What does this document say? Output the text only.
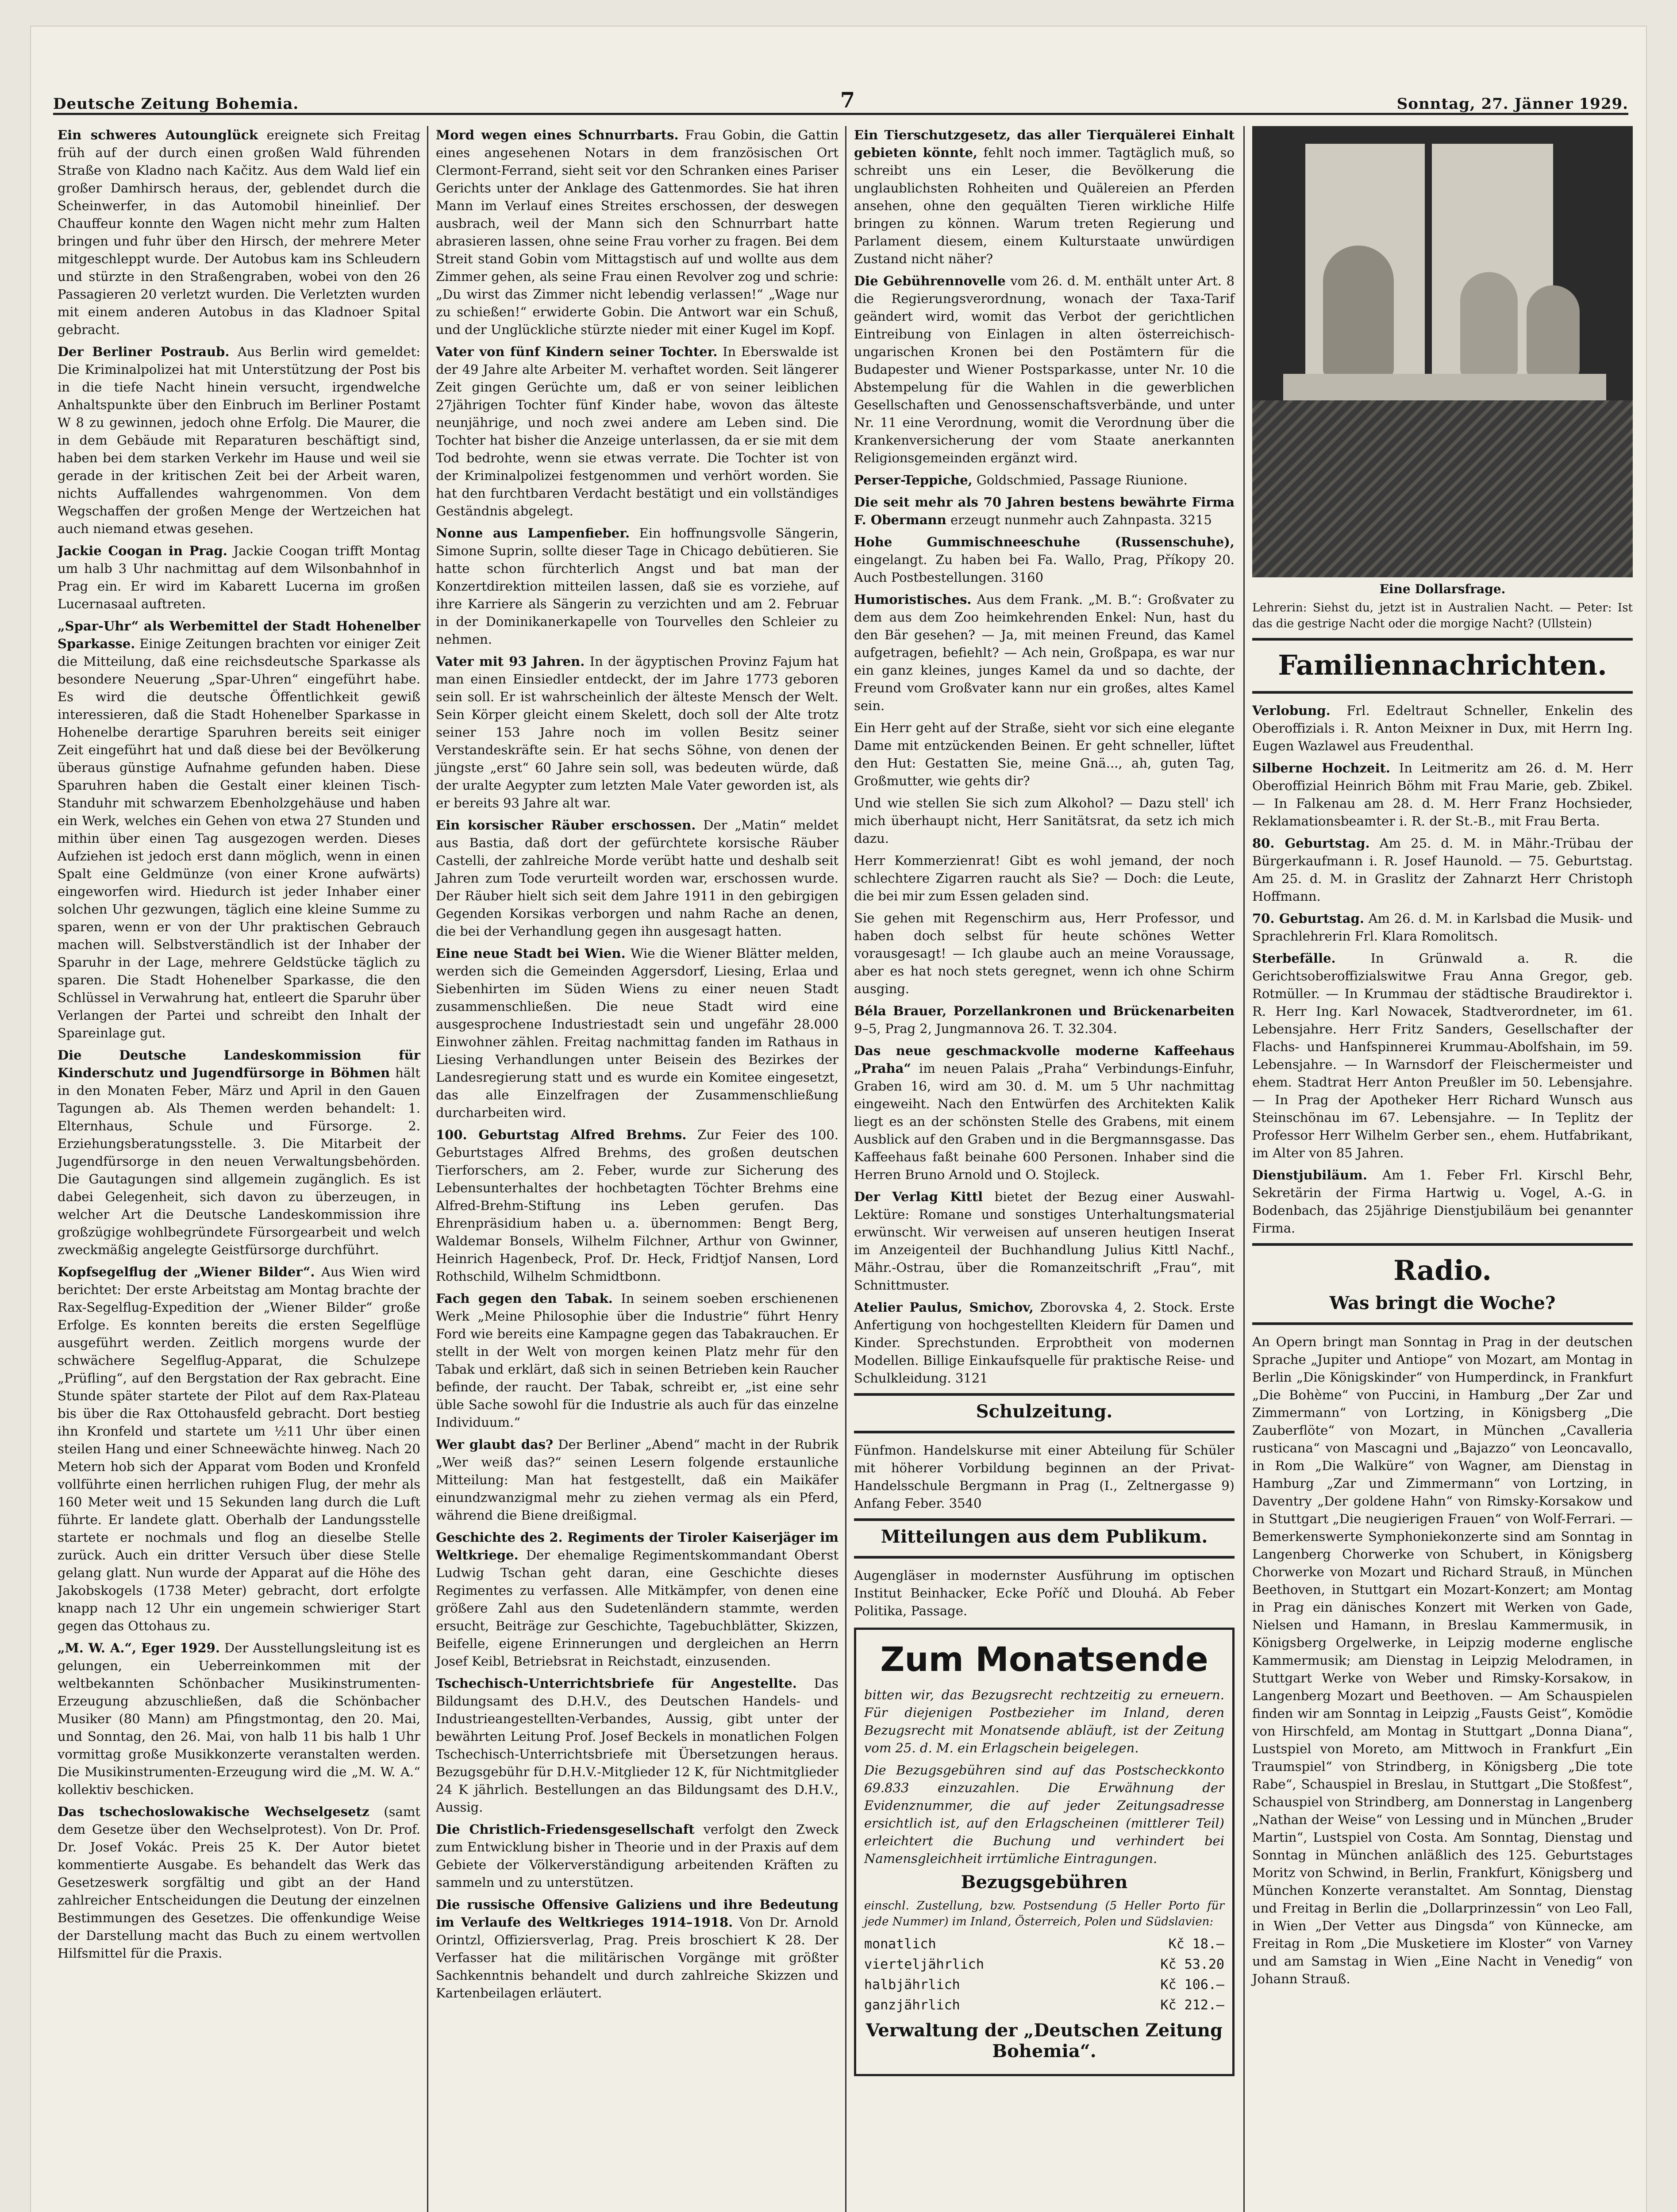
Deutsche Zeitung Bohemia.	7	Sonntag, 27. Jänner 1929.

Ein schweres Autounglück ereignete sich Freitag früh auf der durch einen großen Wald führenden Straße von Kladno nach Kačitz. Aus dem Wald lief ein großer Damhirsch heraus, der, geblendet durch die Scheinwerfer, in das Automobil hineinlief. Der Chauffeur konnte den Wagen nicht mehr zum Halten bringen und fuhr über den Hirsch, der mehrere Meter mitgeschleppt wurde. Der Autobus kam ins Schleudern und stürzte in den Straßengraben, wobei von den 26 Passagieren 20 verletzt wurden. Die Verletzten wurden mit einem anderen Autobus in das Kladnoer Spital gebracht.

Der Berliner Postraub. Aus Berlin wird gemeldet: Die Kriminalpolizei hat mit Unterstützung der Post bis in die tiefe Nacht hinein versucht, irgendwelche Anhaltspunkte über den Einbruch im Berliner Postamt W 8 zu gewinnen, jedoch ohne Erfolg. Die Maurer, die in dem Gebäude mit Reparaturen beschäftigt sind, haben bei dem starken Verkehr im Hause und weil sie gerade in der kritischen Zeit bei der Arbeit waren, nichts Auffallendes wahrgenommen. Von dem Wegschaffen der großen Menge der Wertzeichen hat auch niemand etwas gesehen.

Jackie Coogan in Prag. Jackie Coogan trifft Montag um halb 3 Uhr nachmittag auf dem Wilsonbahnhof in Prag ein. Er wird im Kabarett Lucerna im großen Lucernasaal auftreten.

„Spar-Uhr“ als Werbemittel der Stadt Hohenelber Sparkasse. Einige Zeitungen brachten vor einiger Zeit die Mitteilung, daß eine reichsdeutsche Sparkasse als besondere Neuerung „Spar-Uhren“ eingeführt habe. Es wird die deutsche Öffentlichkeit gewiß interessieren, daß die Stadt Hohenelber Sparkasse in Hohenelbe derartige Sparuhren bereits seit einiger Zeit eingeführt hat und daß diese bei der Bevölkerung überaus günstige Aufnahme gefunden haben. Diese Sparuhren haben die Gestalt einer kleinen Tisch-Standuhr mit schwarzem Ebenholzgehäuse und haben ein Werk, welches ein Gehen von etwa 27 Stunden und mithin über einen Tag ausgezogen werden. Dieses Aufziehen ist jedoch erst dann möglich, wenn in einen Spalt eine Geldmünze (von einer Krone aufwärts) eingeworfen wird. Hiedurch ist jeder Inhaber einer solchen Uhr gezwungen, täglich eine kleine Summe zu sparen, wenn er von der Uhr praktischen Gebrauch machen will. Selbstverständlich ist der Inhaber der Sparuhr in der Lage, mehrere Geldstücke täglich zu sparen. Die Stadt Hohenelber Sparkasse, die den Schlüssel in Verwahrung hat, entleert die Sparuhr über Verlangen der Partei und schreibt den Inhalt der Spareinlage gut.

Die Deutsche Landeskommission für Kinderschutz und Jugendfürsorge in Böhmen hält in den Monaten Feber, März und April in den Gauen Tagungen ab. Als Themen werden behandelt: 1. Elternhaus, Schule und Fürsorge. 2. Erziehungsberatungsstelle. 3. Die Mitarbeit der Jugendfürsorge in den neuen Verwaltungsbehörden. Die Gautagungen sind allgemein zugänglich. Es ist dabei Gelegenheit, sich davon zu überzeugen, in welcher Art die Deutsche Landeskommission ihre großzügige wohlbegründete Fürsorgearbeit und welch zweckmäßig angelegte Geistfürsorge durchführt.

Kopfsegelflug der „Wiener Bilder“. Aus Wien wird berichtet: Der erste Arbeitstag am Montag brachte der Rax-Segelflug-Expedition der „Wiener Bilder“ große Erfolge. Es konnten bereits die ersten Segelflüge ausgeführt werden. Zeitlich morgens wurde der schwächere Segelflug-Apparat, die Schulzepe „Prüfling“, auf den Bergstation der Rax gebracht. Eine Stunde später startete der Pilot auf dem Rax-Plateau bis über die Rax Ottohausfeld gebracht. Dort bestieg ihn Kronfeld und startete um ½11 Uhr über einen steilen Hang und einer Schneewächte hinweg. Nach 20 Metern hob sich der Apparat vom Boden und Kronfeld vollführte einen herrlichen ruhigen Flug, der mehr als 160 Meter weit und 15 Sekunden lang durch die Luft führte. Er landete glatt. Oberhalb der Landungsstelle startete er nochmals und flog an dieselbe Stelle zurück. Auch ein dritter Versuch über diese Stelle gelang glatt. Nun wurde der Apparat auf die Höhe des Jakobskogels (1738 Meter) gebracht, dort erfolgte knapp nach 12 Uhr ein ungemein schwieriger Start gegen das Ottohaus zu.

„M. W. A.“, Eger 1929. Der Ausstellungsleitung ist es gelungen, ein Ueberreinkommen mit der weltbekannten Schönbacher Musikinstrumenten-Erzeugung abzuschließen, daß die Schönbacher Musiker (80 Mann) am Pfingstmontag, den 20. Mai, und Sonntag, den 26. Mai, von halb 11 bis halb 1 Uhr vormittag große Musikkonzerte veranstalten werden. Die Musikinstrumenten-Erzeugung wird die „M. W. A.“ kollektiv beschicken.

Das tschechoslowakische Wechselgesetz (samt dem Gesetze über den Wechselprotest). Von Dr. Prof. Dr. Josef Vokác. Preis 25 K. Der Autor bietet kommentierte Ausgabe. Es behandelt das Werk das Gesetzeswerk sorgfältig und gibt an der Hand zahlreicher Entscheidungen die Deutung der einzelnen Bestimmungen des Gesetzes. Die offenkundige Weise der Darstellung macht das Buch zu einem wertvollen Hilfsmittel für die Praxis.

Mord wegen eines Schnurrbarts. Frau Gobin, die Gattin eines angesehenen Notars in dem französischen Ort Clermont-Ferrand, sieht seit vor den Schranken eines Pariser Gerichts unter der Anklage des Gattenmordes. Sie hat ihren Mann im Verlauf eines Streites erschossen, der deswegen ausbrach, weil der Mann sich den Schnurrbart hatte abrasieren lassen, ohne seine Frau vorher zu fragen. Bei dem Streit stand Gobin vom Mittagstisch auf und wollte aus dem Zimmer gehen, als seine Frau einen Revolver zog und schrie: „Du wirst das Zimmer nicht lebendig verlassen!“ „Wage nur zu schießen!“ erwiderte Gobin. Die Antwort war ein Schuß, und der Unglückliche stürzte nieder mit einer Kugel im Kopf.

Vater von fünf Kindern seiner Tochter. In Eberswalde ist der 49 Jahre alte Arbeiter M. verhaftet worden. Seit längerer Zeit gingen Gerüchte um, daß er von seiner leiblichen 27jährigen Tochter fünf Kinder habe, wovon das älteste neunjährige, und noch zwei andere am Leben sind. Die Tochter hat bisher die Anzeige unterlassen, da er sie mit dem Tod bedrohte, wenn sie etwas verrate. Die Tochter ist von der Kriminalpolizei festgenommen und verhört worden. Sie hat den furchtbaren Verdacht bestätigt und ein vollständiges Geständnis abgelegt.

Nonne aus Lampenfieber. Ein hoffnungsvolle Sängerin, Simone Suprin, sollte dieser Tage in Chicago debütieren. Sie hatte schon fürchterlich Angst und bat man der Konzertdirektion mitteilen lassen, daß sie es vorziehe, auf ihre Karriere als Sängerin zu verzichten und am 2. Februar in der Dominikanerkapelle von Tourvelles den Schleier zu nehmen.

Vater mit 93 Jahren. In der ägyptischen Provinz Fajum hat man einen Einsiedler entdeckt, der im Jahre 1773 geboren sein soll. Er ist wahrscheinlich der älteste Mensch der Welt. Sein Körper gleicht einem Skelett, doch soll der Alte trotz seiner 153 Jahre noch im vollen Besitz seiner Verstandeskräfte sein. Er hat sechs Söhne, von denen der jüngste „erst“ 60 Jahre sein soll, was bedeuten würde, daß der uralte Aegypter zum letzten Male Vater geworden ist, als er bereits 93 Jahre alt war.

Ein korsischer Räuber erschossen. Der „Matin“ meldet aus Bastia, daß dort der gefürchtete korsische Räuber Castelli, der zahlreiche Morde verübt hatte und deshalb seit Jahren zum Tode verurteilt worden war, erschossen wurde. Der Räuber hielt sich seit dem Jahre 1911 in den gebirgigen Gegenden Korsikas verborgen und nahm Rache an denen, die bei der Verhandlung gegen ihn ausgesagt hatten.

Eine neue Stadt bei Wien. Wie die Wiener Blätter melden, werden sich die Gemeinden Aggersdorf, Liesing, Erlaa und Siebenhirten im Süden Wiens zu einer neuen Stadt zusammenschließen. Die neue Stadt wird eine ausgesprochene Industriestadt sein und ungefähr 28.000 Einwohner zählen. Freitag nachmittag fanden im Rathaus in Liesing Verhandlungen unter Beisein des Bezirkes der Landesregierung statt und es wurde ein Komitee eingesetzt, das alle Einzelfragen der Zusammenschließung durcharbeiten wird.

100. Geburtstag Alfred Brehms. Zur Feier des 100. Geburtstages Alfred Brehms, des großen deutschen Tierforschers, am 2. Feber, wurde zur Sicherung des Lebensunterhaltes der hochbetagten Töchter Brehms eine Alfred-Brehm-Stiftung ins Leben gerufen. Das Ehrenpräsidium haben u. a. übernommen: Bengt Berg, Waldemar Bonsels, Wilhelm Filchner, Arthur von Gwinner, Heinrich Hagenbeck, Prof. Dr. Heck, Fridtjof Nansen, Lord Rothschild, Wilhelm Schmidtbonn.

Fach gegen den Tabak. In seinem soeben erschienenen Werk „Meine Philosophie über die Industrie“ führt Henry Ford wie bereits eine Kampagne gegen das Tabakrauchen. Er stellt in der Welt von morgen keinen Platz mehr für den Tabak und erklärt, daß sich in seinen Betrieben kein Raucher befinde, der raucht. Der Tabak, schreibt er, „ist eine sehr üble Sache sowohl für die Industrie als auch für das einzelne Individuum.“

Wer glaubt das? Der Berliner „Abend“ macht in der Rubrik „Wer weiß das?“ seinen Lesern folgende erstaunliche Mitteilung: Man hat festgestellt, daß ein Maikäfer einundzwanzigmal mehr zu ziehen vermag als ein Pferd, während die Biene dreißigmal.

Geschichte des 2. Regiments der Tiroler Kaiserjäger im Weltkriege. Der ehemalige Regimentskommandant Oberst Ludwig Tschan geht daran, eine Geschichte dieses Regimentes zu verfassen. Alle Mitkämpfer, von denen eine größere Zahl aus den Sudetenländern stammte, werden ersucht, Beiträge zur Geschichte, Tagebuchblätter, Skizzen, Beifelle, eigene Erinnerungen und dergleichen an Herrn Josef Keibl, Betriebsrat in Reichstadt, einzusenden.

Tschechisch-Unterrichtsbriefe für Angestellte. Das Bildungsamt des D.H.V., des Deutschen Handels- und Industrieangestellten-Verbandes, Aussig, gibt unter der bewährten Leitung Prof. Josef Beckels in monatlichen Folgen Tschechisch-Unterrichtsbriefe mit Übersetzungen heraus. Bezugsgebühr für D.H.V.-Mitglieder 12 K, für Nichtmitglieder 24 K jährlich. Bestellungen an das Bildungsamt des D.H.V., Aussig.

Die Christlich-Friedensgesellschaft verfolgt den Zweck zum Entwicklung bisher in Theorie und in der Praxis auf dem Gebiete der Völkerverständigung arbeitenden Kräften zu sammeln und zu unterstützen.

Die russische Offensive Galiziens und ihre Bedeutung im Verlaufe des Weltkrieges 1914–1918. Von Dr. Arnold Orintzl, Offiziersverlag, Prag. Preis broschiert K 28. Der Verfasser hat die militärischen Vorgänge mit größter Sachkenntnis behandelt und durch zahlreiche Skizzen und Kartenbeilagen erläutert.

Ein Tierschutzgesetz, das aller Tierquälerei Einhalt gebieten könnte, fehlt noch immer. Tagtäglich muß, so schreibt uns ein Leser, die Bevölkerung die unglaublichsten Rohheiten und Quälereien an Pferden ansehen, ohne den gequälten Tieren wirkliche Hilfe bringen zu können. Warum treten Regierung und Parlament diesem, einem Kulturstaate unwürdigen Zustand nicht näher?

Die Gebührennovelle vom 26. d. M. enthält unter Art. 8 die Regierungsverordnung, wonach der Taxa-Tarif geändert wird, womit das Verbot der gerichtlichen Eintreibung von Einlagen in alten österreichisch-ungarischen Kronen bei den Postämtern für die Budapester und Wiener Postsparkasse, unter Nr. 10 die Abstempelung für die Wahlen in die gewerblichen Gesellschaften und Genossenschaftsverbände, und unter Nr. 11 eine Verordnung, womit die Verordnung über die Krankenversicherung der vom Staate anerkannten Religionsgemeinden ergänzt wird.

Perser-Teppiche, Goldschmied, Passage Riunione.

Die seit mehr als 70 Jahren bestens bewährte Firma F. Obermann erzeugt nunmehr auch Zahnpasta. 3215

Hohe Gummischneeschuhe (Russenschuhe), eingelangt. Zu haben bei Fa. Wallo, Prag, Příkopy 20. Auch Postbestellungen. 3160

Humoristisches. Aus dem Frank. „M. B.“: Großvater zu dem aus dem Zoo heimkehrenden Enkel: Nun, hast du den Bär gesehen? — Ja, mit meinen Freund, das Kamel aufgetragen, befiehlt? — Ach nein, Großpapa, es war nur ein ganz kleines, junges Kamel da und so dachte, der Freund vom Großvater kann nur ein großes, altes Kamel sein.

Ein Herr geht auf der Straße, sieht vor sich eine elegante Dame mit entzückenden Beinen. Er geht schneller, lüftet den Hut: Gestatten Sie, meine Gnä..., ah, guten Tag, Großmutter, wie gehts dir?

Und wie stellen Sie sich zum Alkohol? — Dazu stell' ich mich überhaupt nicht, Herr Sanitätsrat, da setz ich mich dazu.

Herr Kommerzienrat! Gibt es wohl jemand, der noch schlechtere Zigarren raucht als Sie? — Doch: die Leute, die bei mir zum Essen geladen sind.

Sie gehen mit Regenschirm aus, Herr Professor, und haben doch selbst für heute schönes Wetter vorausgesagt! — Ich glaube auch an meine Voraussage, aber es hat noch stets geregnet, wenn ich ohne Schirm ausging.

Béla Brauer, Porzellankronen und Brückenarbeiten 9–5, Prag 2, Jungmannova 26. T. 32.304.

Das neue geschmackvolle moderne Kaffeehaus „Praha“ im neuen Palais „Praha“ Verbindungs-Einfuhr, Graben 16, wird am 30. d. M. um 5 Uhr nachmittag eingeweiht. Nach den Entwürfen des Architekten Kalik liegt es an der schönsten Stelle des Grabens, mit einem Ausblick auf den Graben und in die Bergmannsgasse. Das Kaffeehaus faßt beinahe 600 Personen. Inhaber sind die Herren Bruno Arnold und O. Stojleck.

Der Verlag Kittl bietet der Bezug einer Auswahl-Lektüre: Romane und sonstiges Unterhaltungsmaterial erwünscht. Wir verweisen auf unseren heutigen Inserat im Anzeigenteil der Buchhandlung Julius Kittl Nachf., Mähr.-Ostrau, über die Romanzeitschrift „Frau“, mit Schnittmuster.

Atelier Paulus, Smichov, Zborovska 4, 2. Stock. Erste Anfertigung von hochgestellten Kleidern für Damen und Kinder. Sprechstunden. Erprobtheit von modernen Modellen. Billige Einkaufsquelle für praktische Reise- und Schulkleidung. 3121

Schulzeitung.

Fünfmon. Handelskurse mit einer Abteilung für Schüler mit höherer Vorbildung beginnen an der Privat-Handelsschule Bergmann in Prag (I., Zeltnergasse 9) Anfang Feber. 3540

Mitteilungen aus dem Publikum.

Augengläser in modernster Ausführung im optischen Institut Beinhacker, Ecke Poříč und Dlouhá. Ab Feber Politika, Passage.

Zum Monatsende

bitten wir, das Bezugsrecht rechtzeitig zu erneuern. Für diejenigen Postbezieher im Inland, deren Bezugsrecht mit Monatsende abläuft, ist der Zeitung vom 25. d. M. ein Erlagschein beigelegen.

Die Bezugsgebühren sind auf das Postscheckkonto 69.833 einzuzahlen. Die Erwähnung der Evidenznummer, die auf jeder Zeitungsadresse ersichtlich ist, auf den Erlagscheinen (mittlerer Teil) erleichtert die Buchung und verhindert bei Namensgleichheit irrtümliche Eintragungen.

Bezugsgebühren

einschl. Zustellung, bzw. Postsendung (5 Heller Porto für jede Nummer) im Inland, Österreich, Polen und Südslavien:

monatlich	Kč 18.—
vierteljährlich	Kč 53.20
halbjährlich	Kč 106.—
ganzjährlich	Kč 212.—
Verwaltung der „Deutschen Zeitung Bohemia“.
Eine Dollarsfrage.

Lehrerin: Siehst du, jetzt ist in Australien Nacht. — Peter: Ist das die gestrige Nacht oder die morgige Nacht? (Ullstein)

Familiennachrichten.

Verlobung. Frl. Edeltraut Schneller, Enkelin des Oberoffizials i. R. Anton Meixner in Dux, mit Herrn Ing. Eugen Wazlawel aus Freudenthal.

Silberne Hochzeit. In Leitmeritz am 26. d. M. Herr Oberoffizial Heinrich Böhm mit Frau Marie, geb. Zbikel. — In Falkenau am 28. d. M. Herr Franz Hochsieder, Reklamationsbeamter i. R. der St.-B., mit Frau Berta.

80. Geburtstag. Am 25. d. M. in Mähr.-Trübau der Bürgerkaufmann i. R. Josef Haunold. — 75. Geburtstag. Am 25. d. M. in Graslitz der Zahnarzt Herr Christoph Hoffmann.

70. Geburtstag. Am 26. d. M. in Karlsbad die Musik- und Sprachlehrerin Frl. Klara Romolitsch.

Sterbefälle.	In Grünwald a. R. die Gerichtsoberoffizialswitwe Frau Anna Gregor, geb. Rotmüller. — In Krummau der städtische Braudirektor i. R. Herr Ing. Karl Nowacek, Stadtverordneter, im 61. Lebensjahre. Herr Fritz Sanders, Gesellschafter der Flachs- und Hanfspinnerei Krummau-Abolfshain, im 59. Lebensjahre. — In Warnsdorf der Fleischermeister und ehem. Stadtrat Herr Anton Preußler im 50. Lebensjahre. — In Prag der Apotheker Herr Richard Wunsch aus Steinschönau im 67. Lebensjahre. — In Teplitz der Professor Herr Wilhelm Gerber sen., ehem. Hutfabrikant, im Alter von 85 Jahren.

Dienstjubiläum. Am 1. Feber Frl. Kirschl Behr, Sekretärin der Firma Hartwig u. Vogel, A.-G. in Bodenbach, das 25jährige Dienstjubiläum bei genannter Firma.

Radio.
Was bringt die Woche?

An Opern bringt man Sonntag in Prag in der deutschen Sprache „Jupiter und Antiope“ von Mozart, am Montag in Berlin „Die Königskinder“ von Humperdinck, in Frankfurt „Die Bohème“ von Puccini, in Hamburg „Der Zar und Zimmermann“ von Lortzing, in Königsberg „Die Zauberflöte“ von Mozart, in München „Cavalleria rusticana“ von Mascagni und „Bajazzo“ von Leoncavallo, in Rom „Die Walküre“ von Wagner, am Dienstag in Hamburg „Zar und Zimmermann“ von Lortzing, in Daventry „Der goldene Hahn“ von Rimsky-Korsakow und in Stuttgart „Die neugierigen Frauen“ von Wolf-Ferrari. — Bemerkenswerte Symphoniekonzerte sind am Sonntag in Langenberg Chorwerke von Schubert, in Königsberg Chorwerke von Mozart und Richard Strauß, in München Beethoven, in Stuttgart ein Mozart-Konzert; am Montag in Prag ein dänisches Konzert mit Werken von Gade, Nielsen und Hamann, in Breslau Kammermusik, in Königsberg Orgelwerke, in Leipzig moderne englische Kammermusik; am Dienstag in Leipzig Melodramen, in Stuttgart Werke von Weber und Rimsky-Korsakow, in Langenberg Mozart und Beethoven. — Am Schauspielen finden wir am Sonntag in Leipzig „Fausts Geist“, Komödie von Hirschfeld, am Montag in Stuttgart „Donna Diana“, Lustspiel von Moreto, am Mittwoch in Frankfurt „Ein Traumspiel“ von Strindberg, in Königsberg „Die tote Rabe“, Schauspiel in Breslau, in Stuttgart „Die Stoßfest“, Schauspiel von Strindberg, am Donnerstag in Langenberg „Nathan der Weise“ von Lessing und in München „Bruder Martin“, Lustspiel von Costa. Am Sonntag, Dienstag und Sonntag in München anläßlich des 125. Geburtstages Moritz von Schwind, in Berlin, Frankfurt, Königsberg und München Konzerte veranstaltet. Am Sonntag, Dienstag und Freitag in Berlin die „Dollarprinzessin“ von Leo Fall, in Wien „Der Vetter aus Dingsda“ von Künnecke, am Freitag in Rom „Die Musketiere im Kloster“ von Varney und am Samstag in Wien „Eine Nacht in Venedig“ von Johann Strauß.
